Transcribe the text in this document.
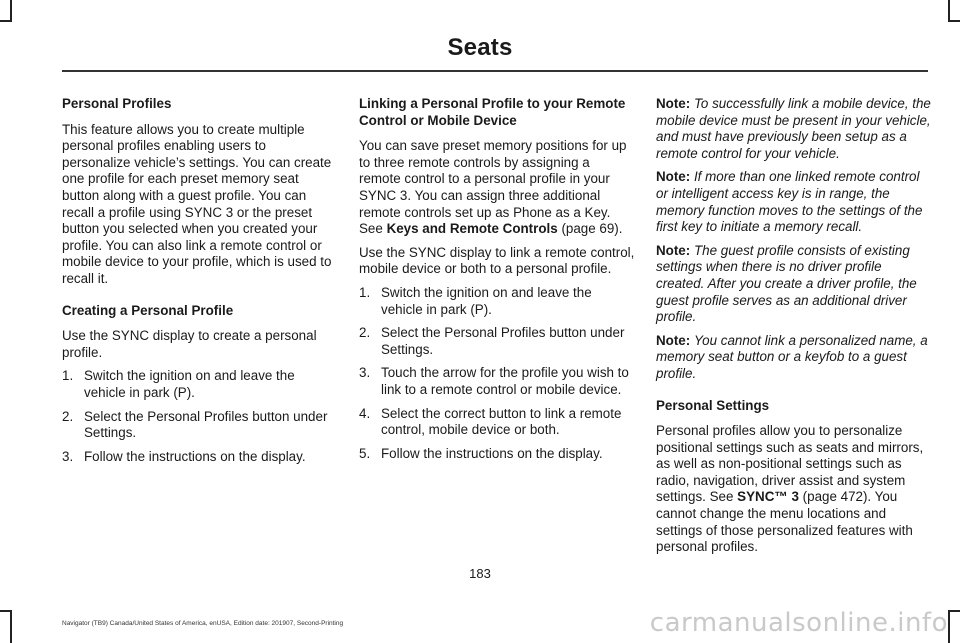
Seats
Personal Profiles

This feature allows you to create multiple personal profiles enabling users to personalize vehicle’s settings. You can create one profile for each preset memory seat button along with a guest profile. You can recall a profile using SYNC 3 or the preset button you selected when you created your profile. You can also link a remote control or mobile device to your profile, which is used to recall it.

Creating a Personal Profile

Use the SYNC display to create a personal profile.

1. Switch the ignition on and leave the vehicle in park (P).
2. Select the Personal Profiles button under Settings.
3. Follow the instructions on the display.
Linking a Personal Profile to your Remote Control or Mobile Device

You can save preset memory positions for up to three remote controls by assigning a remote control to a personal profile in your SYNC 3. You can assign three additional remote controls set up as Phone as a Key. See Keys and Remote Controls (page 69).

Use the SYNC display to link a remote control, mobile device or both to a personal profile.

1. Switch the ignition on and leave the vehicle in park (P).
2. Select the Personal Profiles button under Settings.
3. Touch the arrow for the profile you wish to link to a remote control or mobile device.
4. Select the correct button to link a remote control, mobile device or both.
5. Follow the instructions on the display.

Note: To successfully link a mobile device, the mobile device must be present in your vehicle, and must have previously been setup as a remote control for your vehicle.

Note: If more than one linked remote control or intelligent access key is in range, the memory function moves to the settings of the first key to initiate a memory recall.

Note: The guest profile consists of existing settings when there is no driver profile created. After you create a driver profile, the guest profile serves as an additional driver profile.

Note: You cannot link a personalized name, a memory seat button or a keyfob to a guest profile.

Personal Settings

Personal profiles allow you to personalize positional settings such as seats and mirrors, as well as non-positional settings such as radio, navigation, driver assist and system settings. See SYNC™ 3 (page 472). You cannot change the menu locations and settings of those personalized features with personal profiles.

183
Navigator (TB9) Canada/United States of America, enUSA, Edition date: 201907, Second-Printing	carmanualsonline.info
